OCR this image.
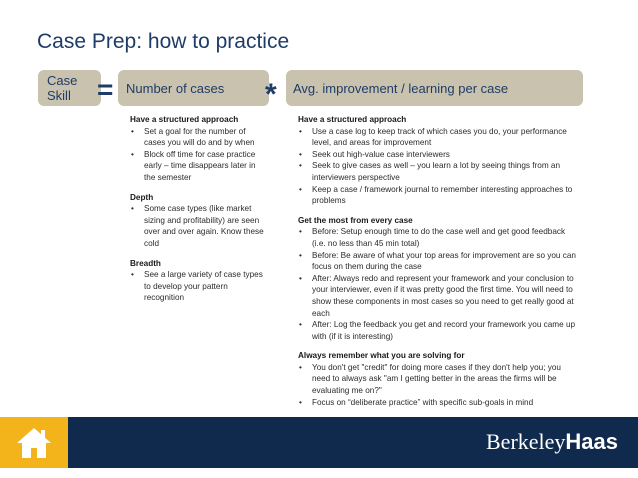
Case Prep: how to practice
Case
Skill = Number of cases	*	Avg. improvement / learning per case
Have a structured approach
• Set a goal for the number of cases you will do and by when
• Block off time for case practice early – time disappears later in the semester
Depth
• Some case types (like market sizing and profitability) are seen over and over again. Know these cold
Breadth
• See a large variety of case types to develop your pattern recognition
Have a structured approach
• Use a case log to keep track of which cases you do, your performance level, and areas for improvement
• Seek out high-value case interviewers
• Seek to give cases as well – you learn a lot by seeing things from an interviewers perspective
• Keep a case / framework journal to remember interesting approaches to problems
Get the most from every case
• Before: Setup enough time to do the case well and get good feedback (i.e. no less than 45 min total)
• Before: Be aware of what your top areas for improvement are so you can focus on them during the case
• After: Always redo and represent your framework and your conclusion to your interviewer, even if it was pretty good the first time. You will need to show these components in most cases so you need to get really good at each
• After: Log the feedback you get and record your framework you came up with (if it is interesting)
Always remember what you are solving for
• You don't get "credit" for doing more cases if they don't help you; you need to always ask "am I getting better in the areas the firms will be evaluating me on?"
• Focus on “deliberate practice” with specific sub-goals in mind
BerkeleyHaas
